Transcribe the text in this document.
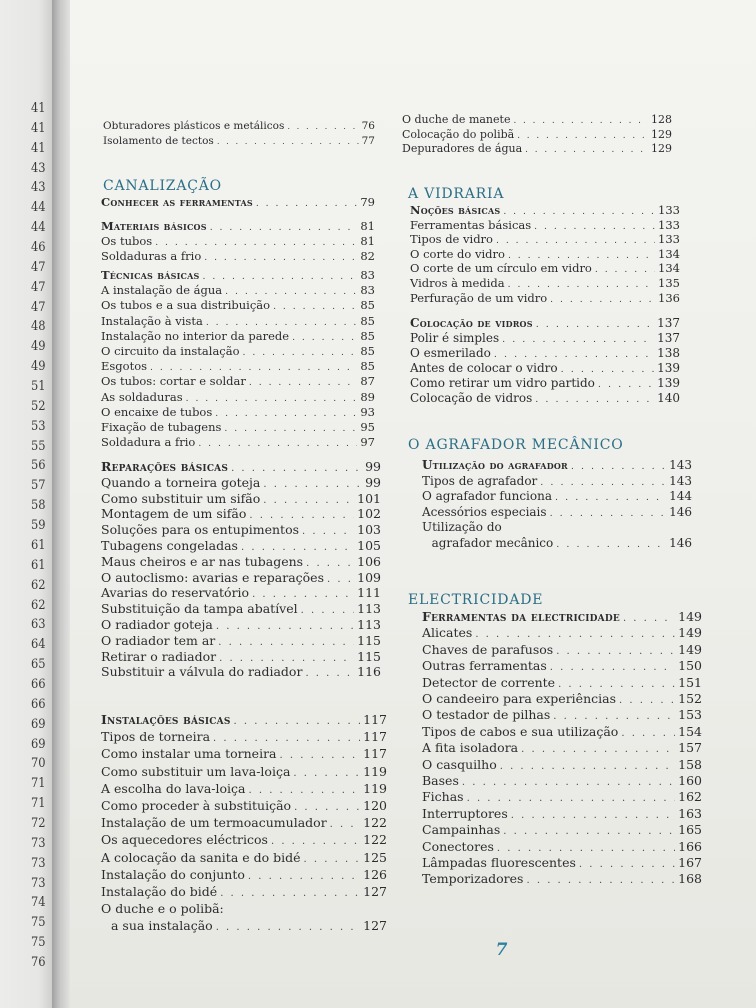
41
41
41
43
43
44
44
46
47
47
47
48
49
49
51
52
53
55
56
57
58
59
61
61
62
62
63
64
65
66
66
69
69
70
71
71
72
73
73
73
74
75
75
76
7
Obturadores plásticos e metálicos . . .	76
Isolamento de tectos . . .	77
CANALIZAÇÃO
Conhecer as ferramentas . . .	79
Materiais básicos . . .	81
Os tubos . . .	81
Soldaduras a frio . . .	82
Técnicas básicas . . .	83
A instalação de água . . .	83
Os tubos e a sua distribuição . . .	85
Instalação à vista . . .	85
Instalação no interior da parede . . .	85
O circuito da instalação . . .	85
Esgotos . . .	85
Os tubos: cortar e soldar . . .	87
As soldaduras . . .	89
O encaixe de tubos . . .	93
Fixação de tubagens . . .	95
Soldadura a frio . . .	97
Reparações básicas . . .	99
Quando a torneira goteja . . .	99
Como substituir um sifão . . .	101
Montagem de um sifão . . .	102
Soluções para os entupimentos . . .	103
Tubagens congeladas . . .	105
Maus cheiros e ar nas tubagens . . .	106
O autoclismo: avarias e reparações . . .	109
Avarias do reservatório . . .	111
Substituição da tampa abatível . . .	113
O radiador goteja . . .	113
O radiador tem ar . . .	115
Retirar o radiador . . .	115
Substituir a válvula do radiador . . .	116
Instalações básicas . . .	117
Tipos de torneira . . .	117
Como instalar uma torneira . . .	117
Como substituir um lava-loiça . . .	119
A escolha do lava-loiça . . .	119
Como proceder à substituição . . .	120
Instalação de um termoacumulador . . .	122
Os aquecedores eléctricos . . .	122
A colocação da sanita e do bidé . . .	125
Instalação do conjunto . . .	126
Instalação do bidé . . .	127
O duche e o polibã:
a sua instalação . . .	127
O duche de manete . . .	128
Colocação do polibã . . .	129
Depuradores de água . . .	129
A VIDRARIA
Noções básicas . . .	133
Ferramentas básicas . . .	133
Tipos de vidro . . .	133
O corte do vidro . . .	134
O corte de um círculo em vidro . . .	134
Vidros à medida . . .	135
Perfuração de um vidro . . .	136
Colocação de vidros . . .	137
Polir é simples . . .	137
O esmerilado . . .	138
Antes de colocar o vidro . . .	139
Como retirar um vidro partido . . .	139
Colocação de vidros . . .	140
O AGRAFADOR MECÂNICO
Utilização do agrafador . . .	143
Tipos de agrafador . . .	143
O agrafador funciona . . .	144
Acessórios especiais . . .	146
Utilização do
agrafador mecânico . . .	146
ELECTRICIDADE
Ferramentas da electricidade . . .	149
Alicates . . .	149
Chaves de parafusos . . .	149
Outras ferramentas . . .	150
Detector de corrente . . .	151
O candeeiro para experiências . . .	152
O testador de pilhas . . .	153
Tipos de cabos e sua utilização . . .	154
A fita isoladora . . .	157
O casquilho . . .	158
Bases . . .	160
Fichas . . .	162
Interruptores . . .	163
Campainhas . . .	165
Conectores . . .	166
Lâmpadas fluorescentes . . .	167
Temporizadores . . .	168
